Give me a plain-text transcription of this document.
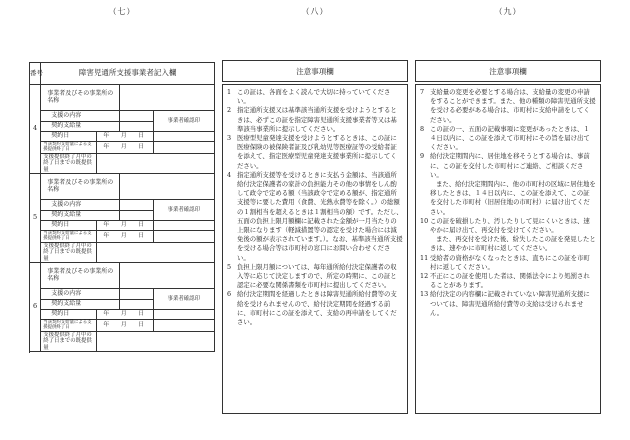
（七）	（八）	（九）
番号	障害児通所支援事業者記入欄			
4	事業者及びその事業所の名称			
	支援の内容			事業者確認印
	契約支給量			
	契約日	年　　月　　日		
	当該契約支給量による支援提供終了日	年　　月　　日		
	支援提供終了月中の終了日までの既提供量			

5	事業者及びその事業所の名称			
	支援の内容			事業者確認印
	契約支給量			
	契約日	年　　月　　日		
	当該契約支給量による支援提供終了日	年　　月　　日		
	支援提供終了月中の終了日までの既提供量			

6	事業者及びその事業所の名称			
	支援の内容			事業者確認印
	契約支給量			
	契約日	年　　月　　日		
	当該契約支給量による支援提供終了日	年　　月　　日		
	支援提供終了月中の終了日までの既提供量			

注意事項欄
1 この証は、各面をよく読んで大切に持っていてください。
2 指定通所支援又は基準該当通所支援を受けようとするときは、必ずこの証を指定障害児通所支援事業者等又は基準該当事業所に提示してください。
3 医療型児童発達支援を受けようとするときは、この証に医療保険の被保険者証及び乳幼児等医療証等の受給者証を添えて、指定医療型児童発達支援事業所に提示してください。
4 指定通所支援等を受けるときに支払う金額は、当該通所給付決定保護者の家計の負担能力その他の事情をしん酌して政令で定める額（当該政令で定める額が、指定通所支援等に要した費用（食費、光熱水費等を除く。）の総額の１割相当を超えるときは１割相当の額）です。ただし、五面の負担上限月額欄に記載された金額が一月当たりの上限になります（軽減措置等の認定を受けた場合には減免後の額が表示されています。）。なお、基準該当通所支援を受ける場合等は市町村の窓口にお問い合わせください。
5 負担上限月額については、毎年通所給付決定保護者の収入等に応じて決定しますので、所定の時期に、この証と認定に必要な関係書類を市町村に提出してください。
6 給付決定期間を経過したときは障害児通所給付費等の支給を受けられませんので、給付決定期間を経過する前に、市町村にこの証を添えて、支給の再申請をしてください。
注意事項欄
7 支給量の変更を必要とする場合は、支給量の変更の申請をすることができます。また、他の種類の障害児通所支援を受ける必要がある場合は、市町村に支給申請をしてください。
8 この証の一、五面の記載事項に変更があったときは、１４日以内に、この証を添えて市町村にその旨を届け出てください。
9 給付決定期間内に、居住地を移そうとする場合は、事前に、この証を交付した市町村にご連絡、ご相談ください。
また、給付決定期間内に、他の市町村の区域に居住地を移したときは、１４日以内に、この証を添えて、この証を交付した市町村（旧居住地の市町村）に届け出てください。
10 この証を破損したり、汚したりして見にくいときは、速やかに届け出て、再交付を受けてください。
また、再交付を受けた後、紛失したこの証を発見したときは、速やかに市町村に返してください。
11 受給者の資格がなくなったときは、直ちにこの証を市町村に返してください。
12 不正にこの証を使用した者は、関係法令により処罰されることがあります。
13 給付決定の内容欄に記載されていない障害児通所支援については、障害児通所給付費等の支給は受けられません。
